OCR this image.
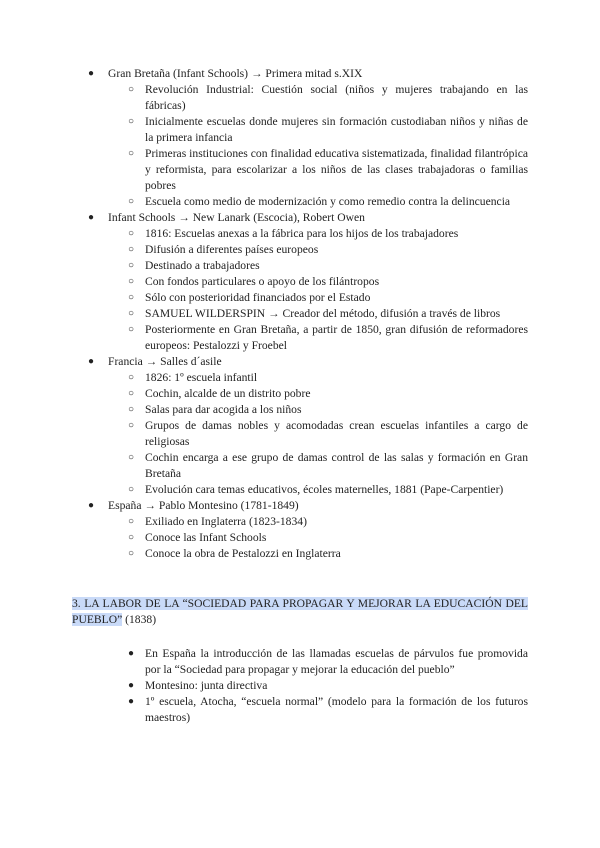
● Gran Bretaña (Infant Schools) → Primera mitad s.XIX
○ Revolución Industrial: Cuestión social (niños y mujeres trabajando en las fábricas)
○ Inicialmente escuelas donde mujeres sin formación custodiaban niños y niñas de la primera infancia
○ Primeras instituciones con finalidad educativa sistematizada, finalidad filantrópica y reformista, para escolarizar a los niños de las clases trabajadoras o familias pobres
○ Escuela como medio de modernización y como remedio contra la delincuencia
● Infant Schools → New Lanark (Escocia), Robert Owen
○ 1816: Escuelas anexas a la fábrica para los hijos de los trabajadores
○ Difusión a diferentes países europeos
○ Destinado a trabajadores
○ Con fondos particulares o apoyo de los filántropos
○ Sólo con posterioridad financiados por el Estado
○ SAMUEL WILDERSPIN → Creador del método, difusión a través de libros
○ Posteriormente en Gran Bretaña, a partir de 1850, gran difusión de reformadores europeos: Pestalozzi y Froebel
● Francia → Salles d´asile
○ 1826: 1º escuela infantil
○ Cochin, alcalde de un distrito pobre
○ Salas para dar acogida a los niños
○ Grupos de damas nobles y acomodadas crean escuelas infantiles a cargo de religiosas
○ Cochin encarga a ese grupo de damas control de las salas y formación en Gran Bretaña
○ Evolución cara temas educativos, écoles maternelles, 1881 (Pape-Carpentier)
● España → Pablo Montesino (1781-1849)
○ Exiliado en Inglaterra (1823-1834)
○ Conoce las Infant Schools
○ Conoce la obra de Pestalozzi en Inglaterra
3. LA LABOR DE LA “SOCIEDAD PARA PROPAGAR Y MEJORAR LA EDUCACIÓN DEL PUEBLO” (1838)
● En España la introducción de las llamadas escuelas de párvulos fue promovida por la “Sociedad para propagar y mejorar la educación del pueblo”
● Montesino: junta directiva
● 1º escuela, Atocha, “escuela normal” (modelo para la formación de los futuros maestros)
